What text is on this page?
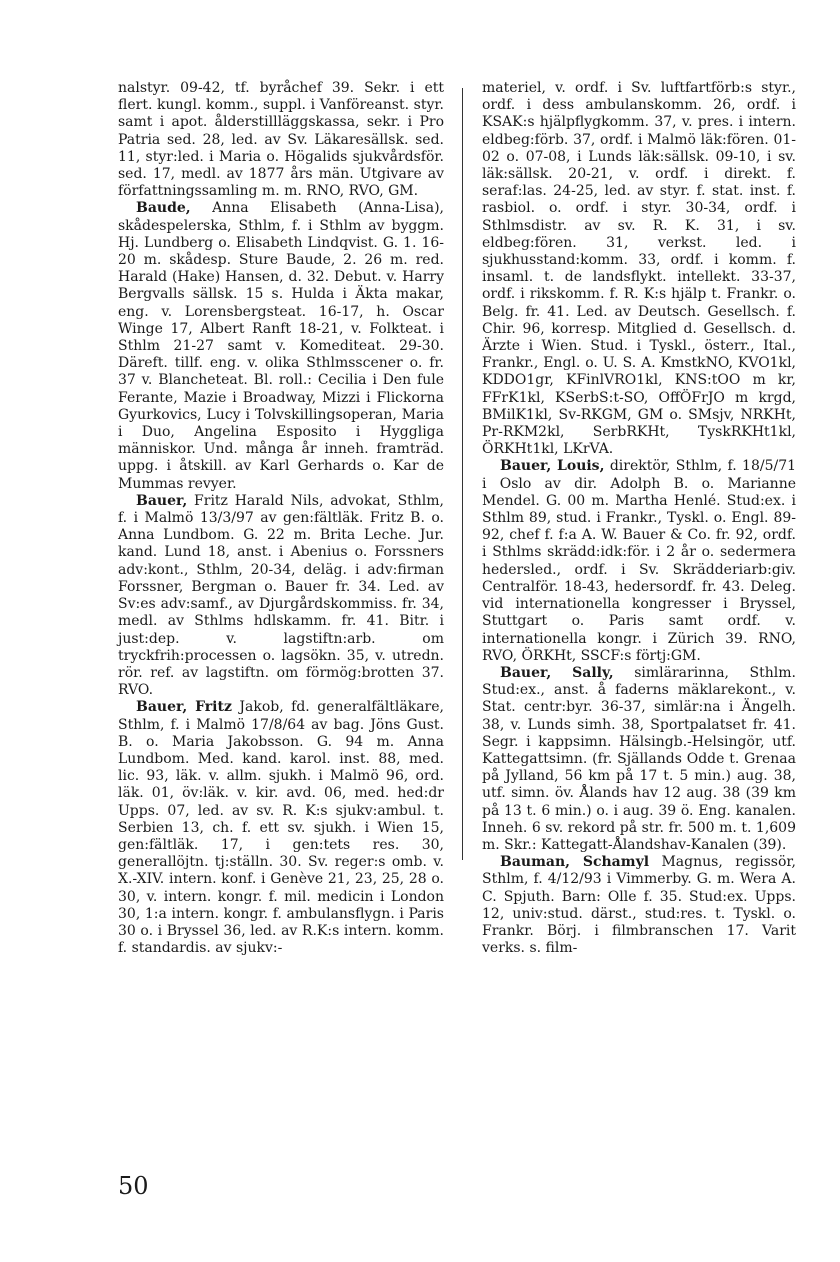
nalstyr. 09-42, tf. byråchef 39. Sekr. i ett flert. kungl. komm., suppl. i Vanföreanst. styr. samt i apot. ålderstillläggskassa, sekr. i Pro Patria sed. 28, led. av Sv. Läkaresällsk. sed. 11, styr:led. i Maria o. Högalids sjukvårdsför. sed. 17, medl. av 1877 års män. Utgivare av författningssamling m. m. RNO, RVO, GM.

Baude, Anna Elisabeth (Anna-Lisa), skådespelerska, Sthlm, f. i Sthlm av byggm. Hj. Lundberg o. Elisabeth Lindqvist. G. 1. 16-20 m. skådesp. Sture Baude, 2. 26 m. red. Harald (Hake) Hansen, d. 32. Debut. v. Harry Bergvalls sällsk. 15 s. Hulda i Äkta makar, eng. v. Lorensbergsteat. 16-17, h. Oscar Winge 17, Albert Ranft 18-21, v. Folkteat. i Sthlm 21-27 samt v. Komediteat. 29-30. Däreft. tillf. eng. v. olika Sthlmsscener o. fr. 37 v. Blancheteat. Bl. roll.: Cecilia i Den fule Ferante, Mazie i Broadway, Mizzi i Flickorna Gyurkovics, Lucy i Tolvskillingsoperan, Maria i Duo, Angelina Esposito i Hyggliga människor. Und. många år inneh. framträd. uppg. i åtskill. av Karl Gerhards o. Kar de Mummas revyer.

Bauer, Fritz Harald Nils, advokat, Sthlm, f. i Malmö 13/3/97 av gen:fältläk. Fritz B. o. Anna Lundbom. G. 22 m. Brita Leche. Jur. kand. Lund 18, anst. i Abenius o. Forssners adv:kont., Sthlm, 20-34, deläg. i adv:firman Forssner, Bergman o. Bauer fr. 34. Led. av Sv:es adv:samf., av Djurgårdskommiss. fr. 34, medl. av Sthlms hdlskamm. fr. 41. Bitr. i just:dep. v. lagstiftn:arb. om tryckfrih:processen o. lagsökn. 35, v. utredn. rör. ref. av lagstiftn. om förmög:brotten 37. RVO.

Bauer, Fritz Jakob, fd. generalfältläkare, Sthlm, f. i Malmö 17/8/64 av bag. Jöns Gust. B. o. Maria Jakobsson. G. 94 m. Anna Lundbom. Med. kand. karol. inst. 88, med. lic. 93, läk. v. allm. sjukh. i Malmö 96, ord. läk. 01, öv:läk. v. kir. avd. 06, med. hed:dr Upps. 07, led. av sv. R. K:s sjukv:ambul. t. Serbien 13, ch. f. ett sv. sjukh. i Wien 15, gen:fältläk. 17, i gen:tets res. 30, generallöjtn. tj:ställn. 30. Sv. reger:s omb. v. X.-XIV. intern. konf. i Genève 21, 23, 25, 28 o. 30, v. intern. kongr. f. mil. medicin i London 30, 1:a intern. kongr. f. ambulansflygn. i Paris 30 o. i Bryssel 36, led. av R.K:s intern. komm. f. standardis. av sjukv:-

materiel, v. ordf. i Sv. luftfartförb:s styr., ordf. i dess ambulanskomm. 26, ordf. i KSAK:s hjälpflygkomm. 37, v. pres. i intern. eldbeg:förb. 37, ordf. i Malmö läk:fören. 01-02 o. 07-08, i Lunds läk:sällsk. 09-10, i sv. läk:sällsk. 20-21, v. ordf. i direkt. f. seraf:las. 24-25, led. av styr. f. stat. inst. f. rasbiol. o. ordf. i styr. 30-34, ordf. i Sthlmsdistr. av sv. R. K. 31, i sv. eldbeg:fören. 31, verkst. led. i sjukhusstand:komm. 33, ordf. i komm. f. insaml. t. de landsflykt. intellekt. 33-37, ordf. i rikskomm. f. R. K:s hjälp t. Frankr. o. Belg. fr. 41. Led. av Deutsch. Gesellsch. f. Chir. 96, korresp. Mitglied d. Gesellsch. d. Ärzte i Wien. Stud. i Tyskl., österr., Ital., Frankr., Engl. o. U. S. A. KmstkNO, KVO1kl, KDDO1gr, KFinlVRO1kl, KNS:tOO m kr, FFrK1kl, KSerbS:t-SO, OffÖFrJO m krgd, BMilK1kl, Sv-RKGM, GM o. SMsjv, NRKHt, Pr-RKM2kl, SerbRKHt, TyskRKHt1kl, ÖRKHt1kl, LKrVA.

Bauer, Louis, direktör, Sthlm, f. 18/5/71 i Oslo av dir. Adolph B. o. Marianne Mendel. G. 00 m. Martha Henlé. Stud:ex. i Sthlm 89, stud. i Frankr., Tyskl. o. Engl. 89-92, chef f. f:a A. W. Bauer & Co. fr. 92, ordf. i Sthlms skrädd:idk:för. i 2 år o. sedermera hedersled., ordf. i Sv. Skrädderiarb:giv. Centralför. 18-43, hedersordf. fr. 43. Deleg. vid internationella kongresser i Bryssel, Stuttgart o. Paris samt ordf. v. internationella kongr. i Zürich 39. RNO, RVO, ÖRKHt, SSCF:s förtj:GM.

Bauer, Sally, simlärarinna, Sthlm. Stud:ex., anst. å faderns mäklarekont., v. Stat. centr:byr. 36-37, simlär:na i Ängelh. 38, v. Lunds simh. 38, Sportpalatset fr. 41. Segr. i kappsimn. Hälsingb.-Helsingör, utf. Kattegattsimn. (fr. Själlands Odde t. Grenaa på Jylland, 56 km på 17 t. 5 min.) aug. 38, utf. simn. öv. Ålands hav 12 aug. 38 (39 km på 13 t. 6 min.) o. i aug. 39 ö. Eng. kanalen. Inneh. 6 sv. rekord på str. fr. 500 m. t. 1,609 m. Skr.: Kattegatt-Ålandshav-Kanalen (39).

Bauman, Schamyl Magnus, regissör, Sthlm, f. 4/12/93 i Vimmerby. G. m. Wera A. C. Spjuth. Barn: Olle f. 35. Stud:ex. Upps. 12, univ:stud. därst., stud:res. t. Tyskl. o. Frankr. Börj. i filmbranschen 17. Varit verks. s. film-

50
